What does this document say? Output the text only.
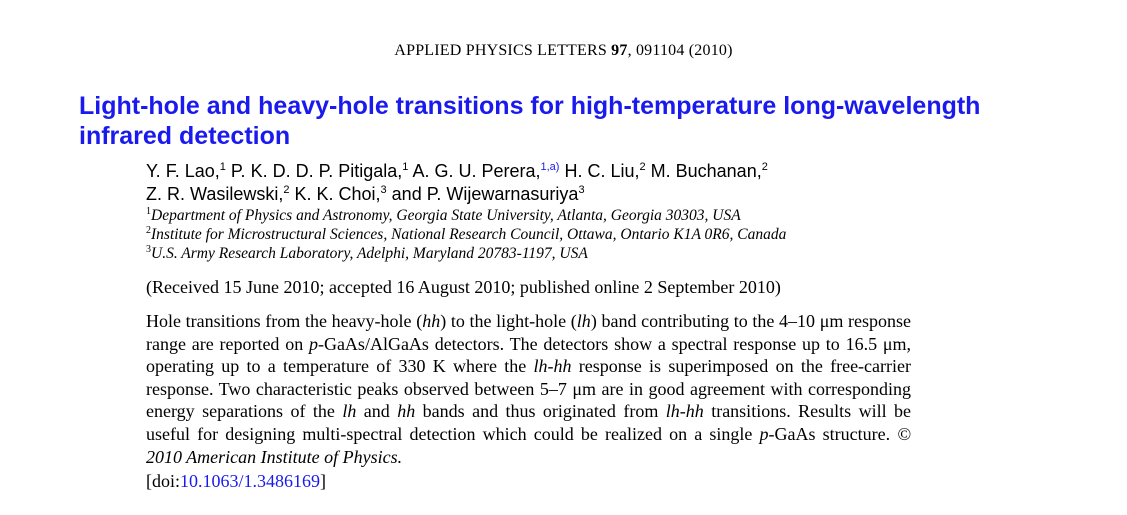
APPLIED PHYSICS LETTERS 97, 091104 (2010)
Light-hole and heavy-hole transitions for high-temperature long-wavelength
infrared detection
Y. F. Lao,$^1$ P. K. D. D. P. Pitigala,$^1$ A. G. U. Perera,$^{1,a)}$ H. C. Liu,$^2$ M. Buchanan,$^2$
Z. R. Wasilewski,$^2$ K. K. Choi,$^3$ and P. Wijewarnasuriya$^3$
$^1$Department of Physics and Astronomy, Georgia State University, Atlanta, Georgia 30303, USA
$^2$Institute for Microstructural Sciences, National Research Council, Ottawa, Ontario K1A 0R6, Canada
$^3$U.S. Army Research Laboratory, Adelphi, Maryland 20783-1197, USA
(Received 15 June 2010; accepted 16 August 2010; published online 2 September 2010)
Hole transitions from the heavy-hole (hh) to the light-hole (lh) band contributing to the 4–10 μm response range are reported on p-GaAs/AlGaAs detectors. The detectors show a spectral response up to 16.5 μm, operating up to a temperature of 330 K where the lh-hh response is superimposed on the free-carrier response. Two characteristic peaks observed between 5–7 μm are in good agreement with corresponding energy separations of the lh and hh bands and thus originated from lh-hh transitions. Results will be useful for designing multi-spectral detection which could be realized on a single p-GaAs structure. © 2010 American Institute of Physics.
[doi:10.1063/1.3486169]
